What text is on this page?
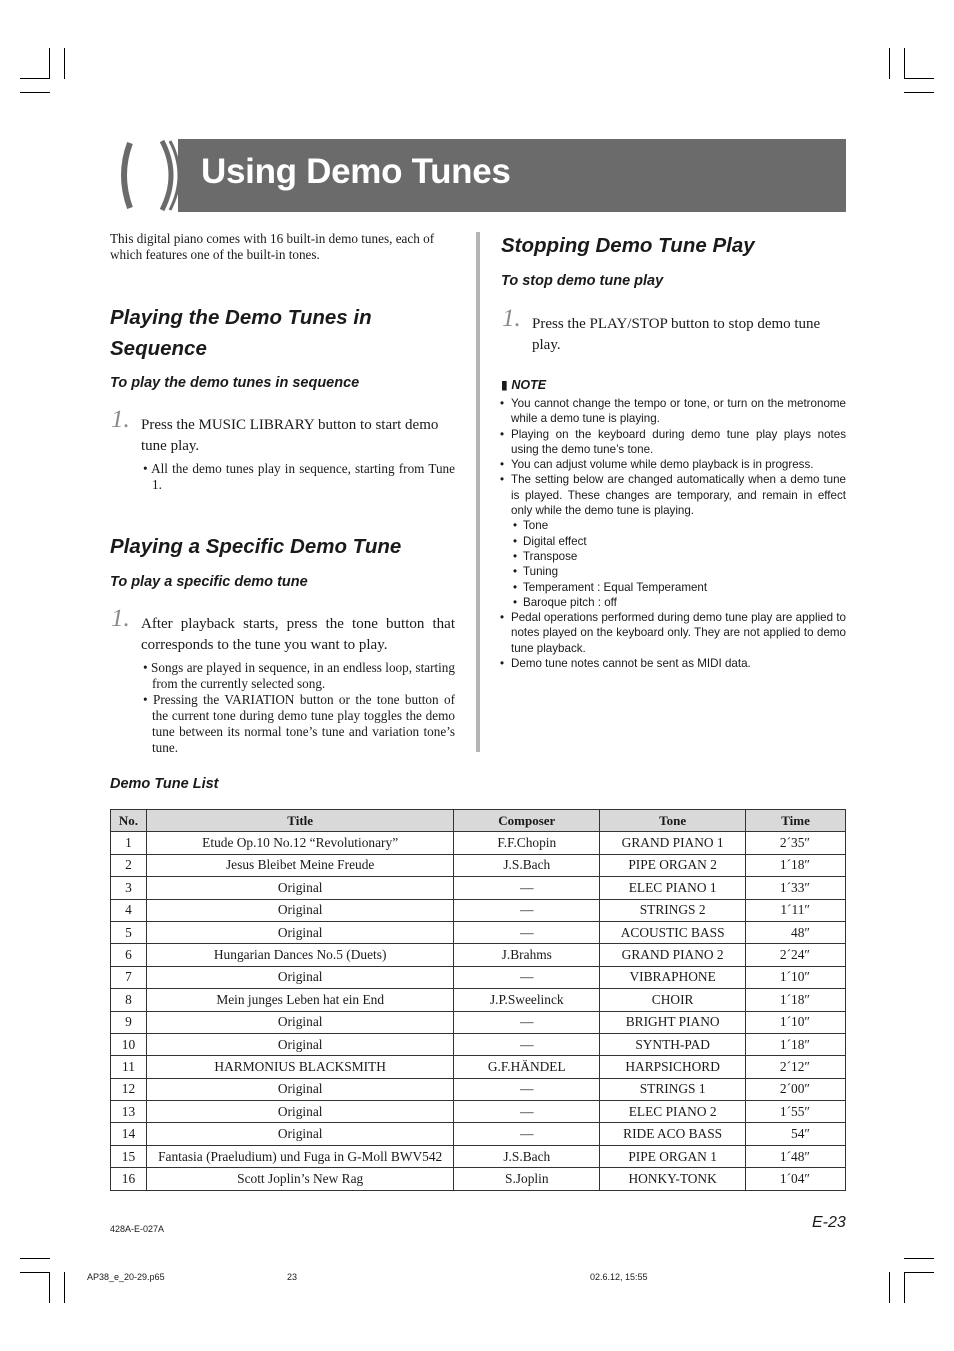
Using Demo Tunes
This digital piano comes with 16 built-in demo tunes, each of which features one of the built-in tones.
Playing the Demo Tunes in Sequence
To play the demo tunes in sequence
1. Press the MUSIC LIBRARY button to start demo tune play.
• All the demo tunes play in sequence, starting from Tune 1.
Playing a Specific Demo Tune
To play a specific demo tune
1. After playback starts, press the tone button that corresponds to the tune you want to play.
• Songs are played in sequence, in an endless loop, starting from the currently selected song.
• Pressing the VARIATION button or the tone button of the current tone during demo tune play toggles the demo tune between its normal tone’s tune and variation tone’s tune.
Stopping Demo Tune Play
To stop demo tune play
1. Press the PLAY/STOP button to stop demo tune play.
▮ NOTE
• You cannot change the tempo or tone, or turn on the metronome while a demo tune is playing.
• Playing on the keyboard during demo tune play plays notes using the demo tune’s tone.
• You can adjust volume while demo playback is in progress.
• The setting below are changed automatically when a demo tune is played. These changes are temporary, and remain in effect only while the demo tune is playing.
• Tone
• Digital effect
• Transpose
• Tuning
• Temperament : Equal Temperament
• Baroque pitch : off
• Pedal operations performed during demo tune play are applied to notes played on the keyboard only. They are not applied to demo tune playback.
• Demo tune notes cannot be sent as MIDI data.
Demo Tune List
No.	Title	Composer	Tone	Time
1	Etude Op.10 No.12 “Revolutionary”	F.F.Chopin	GRAND PIANO 1	2´35″
2	Jesus Bleibet Meine Freude	J.S.Bach	PIPE ORGAN 2	1´18″
3	Original	—	ELEC PIANO 1	1´33″
4	Original	—	STRINGS 2	1´11″
5	Original	—	ACOUSTIC BASS	48″
6	Hungarian Dances No.5 (Duets)	J.Brahms	GRAND PIANO 2	2´24″
7	Original	—	VIBRAPHONE	1´10″
8	Mein junges Leben hat ein End	J.P.Sweelinck	CHOIR	1´18″
9	Original	—	BRIGHT PIANO	1´10″
10	Original	—	SYNTH-PAD	1´18″
11	HARMONIUS BLACKSMITH	G.F.HÄNDEL	HARPSICHORD	2´12″
12	Original	—	STRINGS 1	2´00″
13	Original	—	ELEC PIANO 2	1´55″
14	Original	—	RIDE ACO BASS	54″
15	Fantasia (Praeludium) und Fuga in G-Moll BWV542	J.S.Bach	PIPE ORGAN 1	1´48″
16	Scott Joplin’s New Rag	S.Joplin	HONKY-TONK	1´04″
428A-E-027A	E-23
AP38_e_20-29.p65	23	02.6.12, 15:55
